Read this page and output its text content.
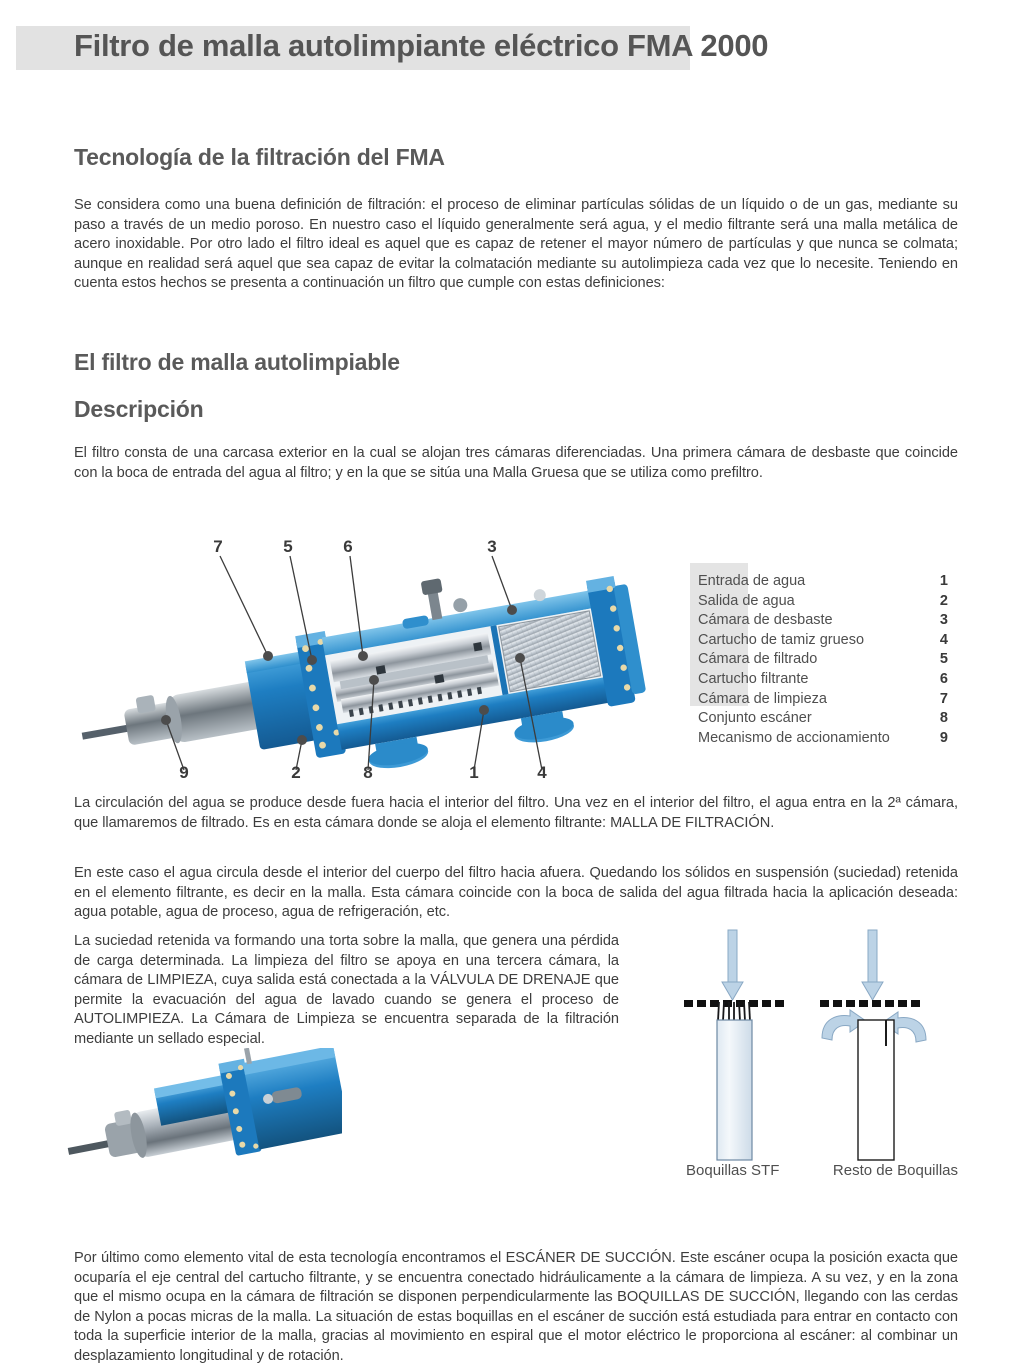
Filtro de malla autolimpiante eléctrico FMA 2000
Tecnología de la filtración del FMA
Se considera como una buena definición de filtración: el proceso de eliminar partículas sólidas de un líquido o de un gas, mediante su paso a través de un medio poroso. En nuestro caso el líquido generalmente será agua, y el medio filtrante será una malla metálica de acero inoxidable. Por otro lado el filtro ideal es aquel que es capaz de retener el mayor número de partículas y que nunca se colmata; aunque en realidad será aquel que sea capaz de evitar la colmatación mediante su autolimpieza cada vez que lo necesite. Teniendo en cuenta estos hechos se presenta a continuación un filtro que cumple con estas definiciones:
El filtro de malla autolimpiable
Descripción
El filtro consta de una carcasa exterior en la cual se alojan tres cámaras diferenciadas. Una primera cámara de desbaste que coincide con la boca de entrada del agua al filtro; y en la que se sitúa una Malla Gruesa que se utiliza como prefiltro.
7	5	6	3
9	2	8	1	4
Entrada de agua	1
Salida de agua	2
Cámara de desbaste	3
Cartucho de tamiz grueso	4
Cámara de filtrado	5
Cartucho filtrante	6
Cámara de limpieza	7
Conjunto escáner	8
Mecanismo de accionamiento	9
La circulación del agua se produce desde fuera hacia el interior del filtro. Una vez en el interior del filtro, el agua entra en la 2ª cámara, que llamaremos de filtrado. Es en esta cámara donde se aloja el elemento filtrante: MALLA DE FILTRACIÓN.
En este caso el agua circula desde el interior del cuerpo del filtro hacia afuera. Quedando los sólidos en suspensión (suciedad) retenida en el elemento filtrante, es decir en la malla. Esta cámara coincide con la boca de salida del agua filtrada hacia la aplicación deseada: agua potable, agua de proceso, agua de refrigeración, etc.
La suciedad retenida va formando una torta sobre la malla, que genera una pérdida de carga determinada. La limpieza del filtro se apoya en una tercera cámara, la cámara de LIMPIEZA, cuya salida está conectada a la VÁLVULA DE DRENAJE que permite la evacuación del agua de lavado cuando se genera el proceso de AUTOLIMPIEZA. La Cámara de Limpieza se encuentra separada de la filtración mediante un sellado especial.
Boquillas STF	Resto de Boquillas
Por último como elemento vital de esta tecnología encontramos el ESCÁNER DE SUCCIÓN. Este escáner ocupa la posición exacta que ocuparía el eje central del cartucho filtrante, y se encuentra conectado hidráulicamente a la cámara de limpieza. A su vez, y en la zona que el mismo ocupa en la cámara de filtración se disponen perpendicularmente las BOQUILLAS DE SUCCIÓN, llegando con las cerdas de Nylon a pocas micras de la malla. La situación de estas boquillas en el escáner de succión está estudiada para entrar en contacto con toda la superficie interior de la malla, gracias al movimiento en espiral que el motor eléctrico le proporciona al escáner: al combinar un desplazamiento longitudinal y de rotación.
